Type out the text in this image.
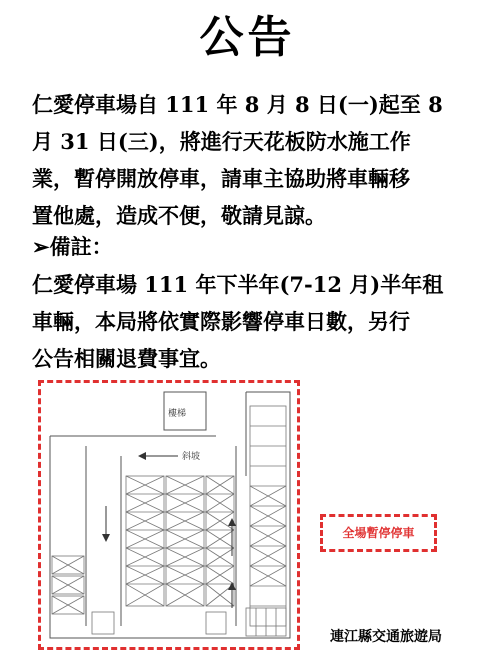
公告
仁愛停車場自 111 年 8 月 8 日(一)起至 8
月 31 日(三)，將進行天花板防水施工作
業，暫停開放停車，請車主協助將車輛移
置他處，造成不便，敬請見諒。
➢備註：
仁愛停車場 111 年下半年(7-12 月)半年租
車輛，本局將依實際影響停車日數，另行
公告相關退費事宜。
樓梯
斜坡
全場暫停停車
連江縣交通旅遊局
